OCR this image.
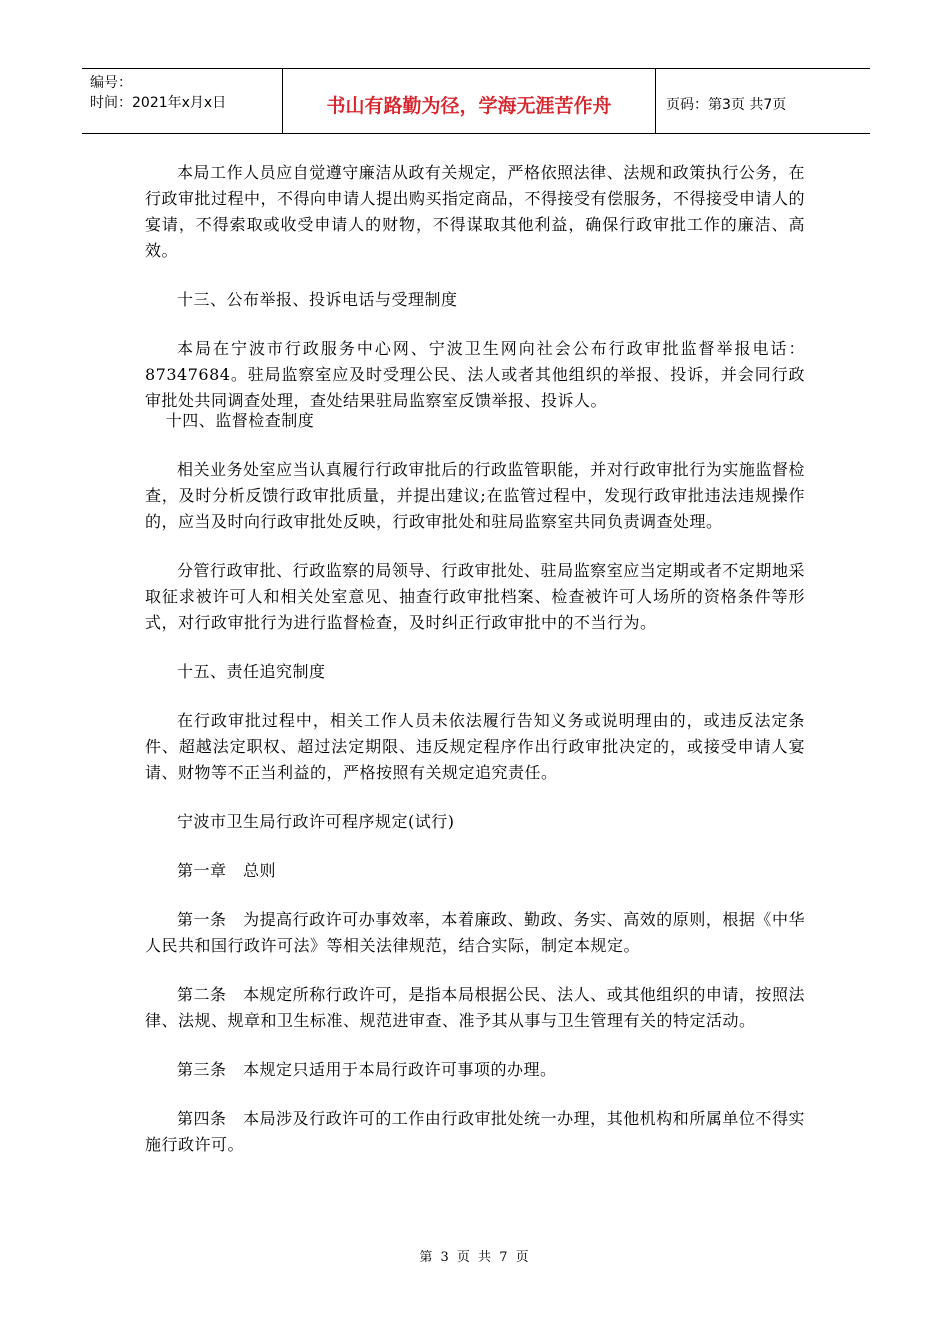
编号：
时间：2021年x月x日	书山有路勤为径，学海无涯苦作舟	页码：第3页 共7页

本局工作人员应自觉遵守廉洁从政有关规定，严格依照法律、法规和政策执行公务，在行政审批过程中，不得向申请人提出购买指定商品，不得接受有偿服务，不得接受申请人的宴请，不得索取或收受申请人的财物，不得谋取其他利益，确保行政审批工作的廉洁、高效。

十三、公布举报、投诉电话与受理制度

本局在宁波市行政服务中心网、宁波卫生网向社会公布行政审批监督举报电话：87347684。驻局监察室应及时受理公民、法人或者其他组织的举报、投诉，并会同行政审批处共同调查处理，查处结果驻局监察室反馈举报、投诉人。

十四、监督检查制度

相关业务处室应当认真履行行政审批后的行政监管职能，并对行政审批行为实施监督检查，及时分析反馈行政审批质量，并提出建议;在监管过程中，发现行政审批违法违规操作的，应当及时向行政审批处反映，行政审批处和驻局监察室共同负责调查处理。

分管行政审批、行政监察的局领导、行政审批处、驻局监察室应当定期或者不定期地采取征求被许可人和相关处室意见、抽查行政审批档案、检查被许可人场所的资格条件等形式，对行政审批行为进行监督检查，及时纠正行政审批中的不当行为。

十五、责任追究制度

在行政审批过程中，相关工作人员未依法履行告知义务或说明理由的，或违反法定条件、超越法定职权、超过法定期限、违反规定程序作出行政审批决定的，或接受申请人宴请、财物等不正当利益的，严格按照有关规定追究责任。

宁波市卫生局行政许可程序规定(试行)

第一章　总则

第一条　为提高行政许可办事效率，本着廉政、勤政、务实、高效的原则，根据《中华人民共和国行政许可法》等相关法律规范，结合实际，制定本规定。

第二条　本规定所称行政许可，是指本局根据公民、法人、或其他组织的申请，按照法律、法规、规章和卫生标准、规范进审查、准予其从事与卫生管理有关的特定活动。

第三条　本规定只适用于本局行政许可事项的办理。

第四条　本局涉及行政许可的工作由行政审批处统一办理，其他机构和所属单位不得实施行政许可。

第 3 页 共 7 页
